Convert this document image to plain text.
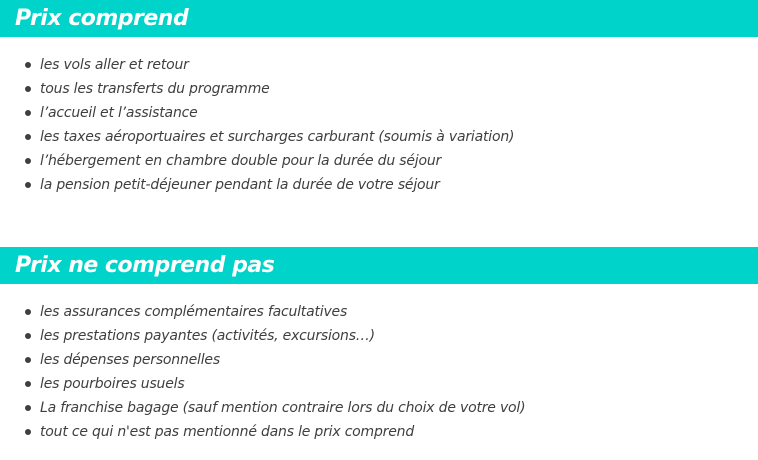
Prix comprend
les vols aller et retour
tous les transferts du programme
l’accueil et l’assistance
les taxes aéroportuaires et surcharges carburant (soumis à variation)
l’hébergement en chambre double pour la durée du séjour
la pension petit-déjeuner pendant la durée de votre séjour
Prix ne comprend pas
les assurances complémentaires facultatives
les prestations payantes (activités, excursions…)
les dépenses personnelles
les pourboires usuels
La franchise bagage (sauf mention contraire lors du choix de votre vol)
tout ce qui n'est pas mentionné dans le prix comprend
